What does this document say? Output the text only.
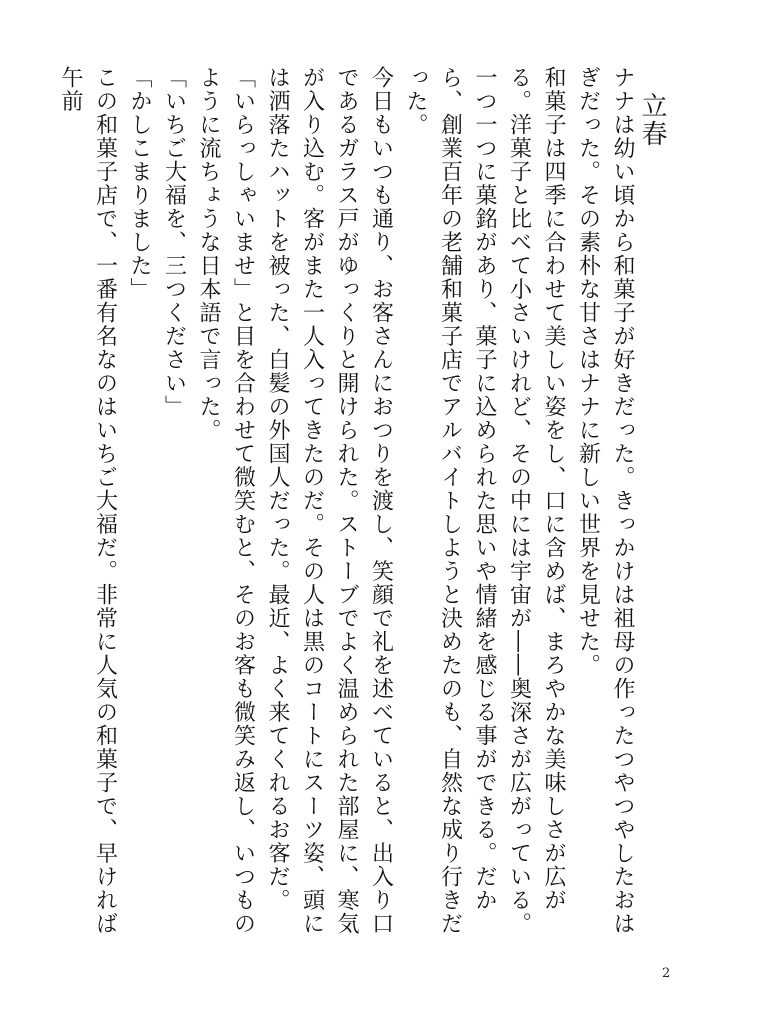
立春

ナナは幼い頃から和菓子が好きだった。きっかけは祖母の作ったつやつやしたおはぎだった。その素朴な甘さはナナに新しい世界を見せた。

和菓子は四季に合わせて美しい姿をし、口に含めば、まろやかな美味しさが広がる。洋菓子と比べて小さいけれど、その中には宇宙が――奥深さが広がっている。一つ一つに菓銘があり、菓子に込められた思いや情緒を感じる事ができる。だから、創業百年の老舗和菓子店でアルバイトしようと決めたのも、自然な成り行きだった。

今日もいつも通り、お客さんにおつりを渡し、笑顔で礼を述べていると、出入り口であるガラス戸がゆっくりと開けられた。ストーブでよく温められた部屋に、寒気が入り込む。客がまた一人入ってきたのだ。その人は黒のコートにスーツ姿、頭には洒落たハットを被った、白髪の外国人だった。最近、よく来てくれるお客だ。

「いらっしゃいませ」と目を合わせて微笑むと、そのお客も微笑み返し、いつものように流ちょうな日本語で言った。

「いちご大福を、三つください」

「かしこまりました」

この和菓子店で、一番有名なのはいちご大福だ。非常に人気の和菓子で、早ければ午前

2
